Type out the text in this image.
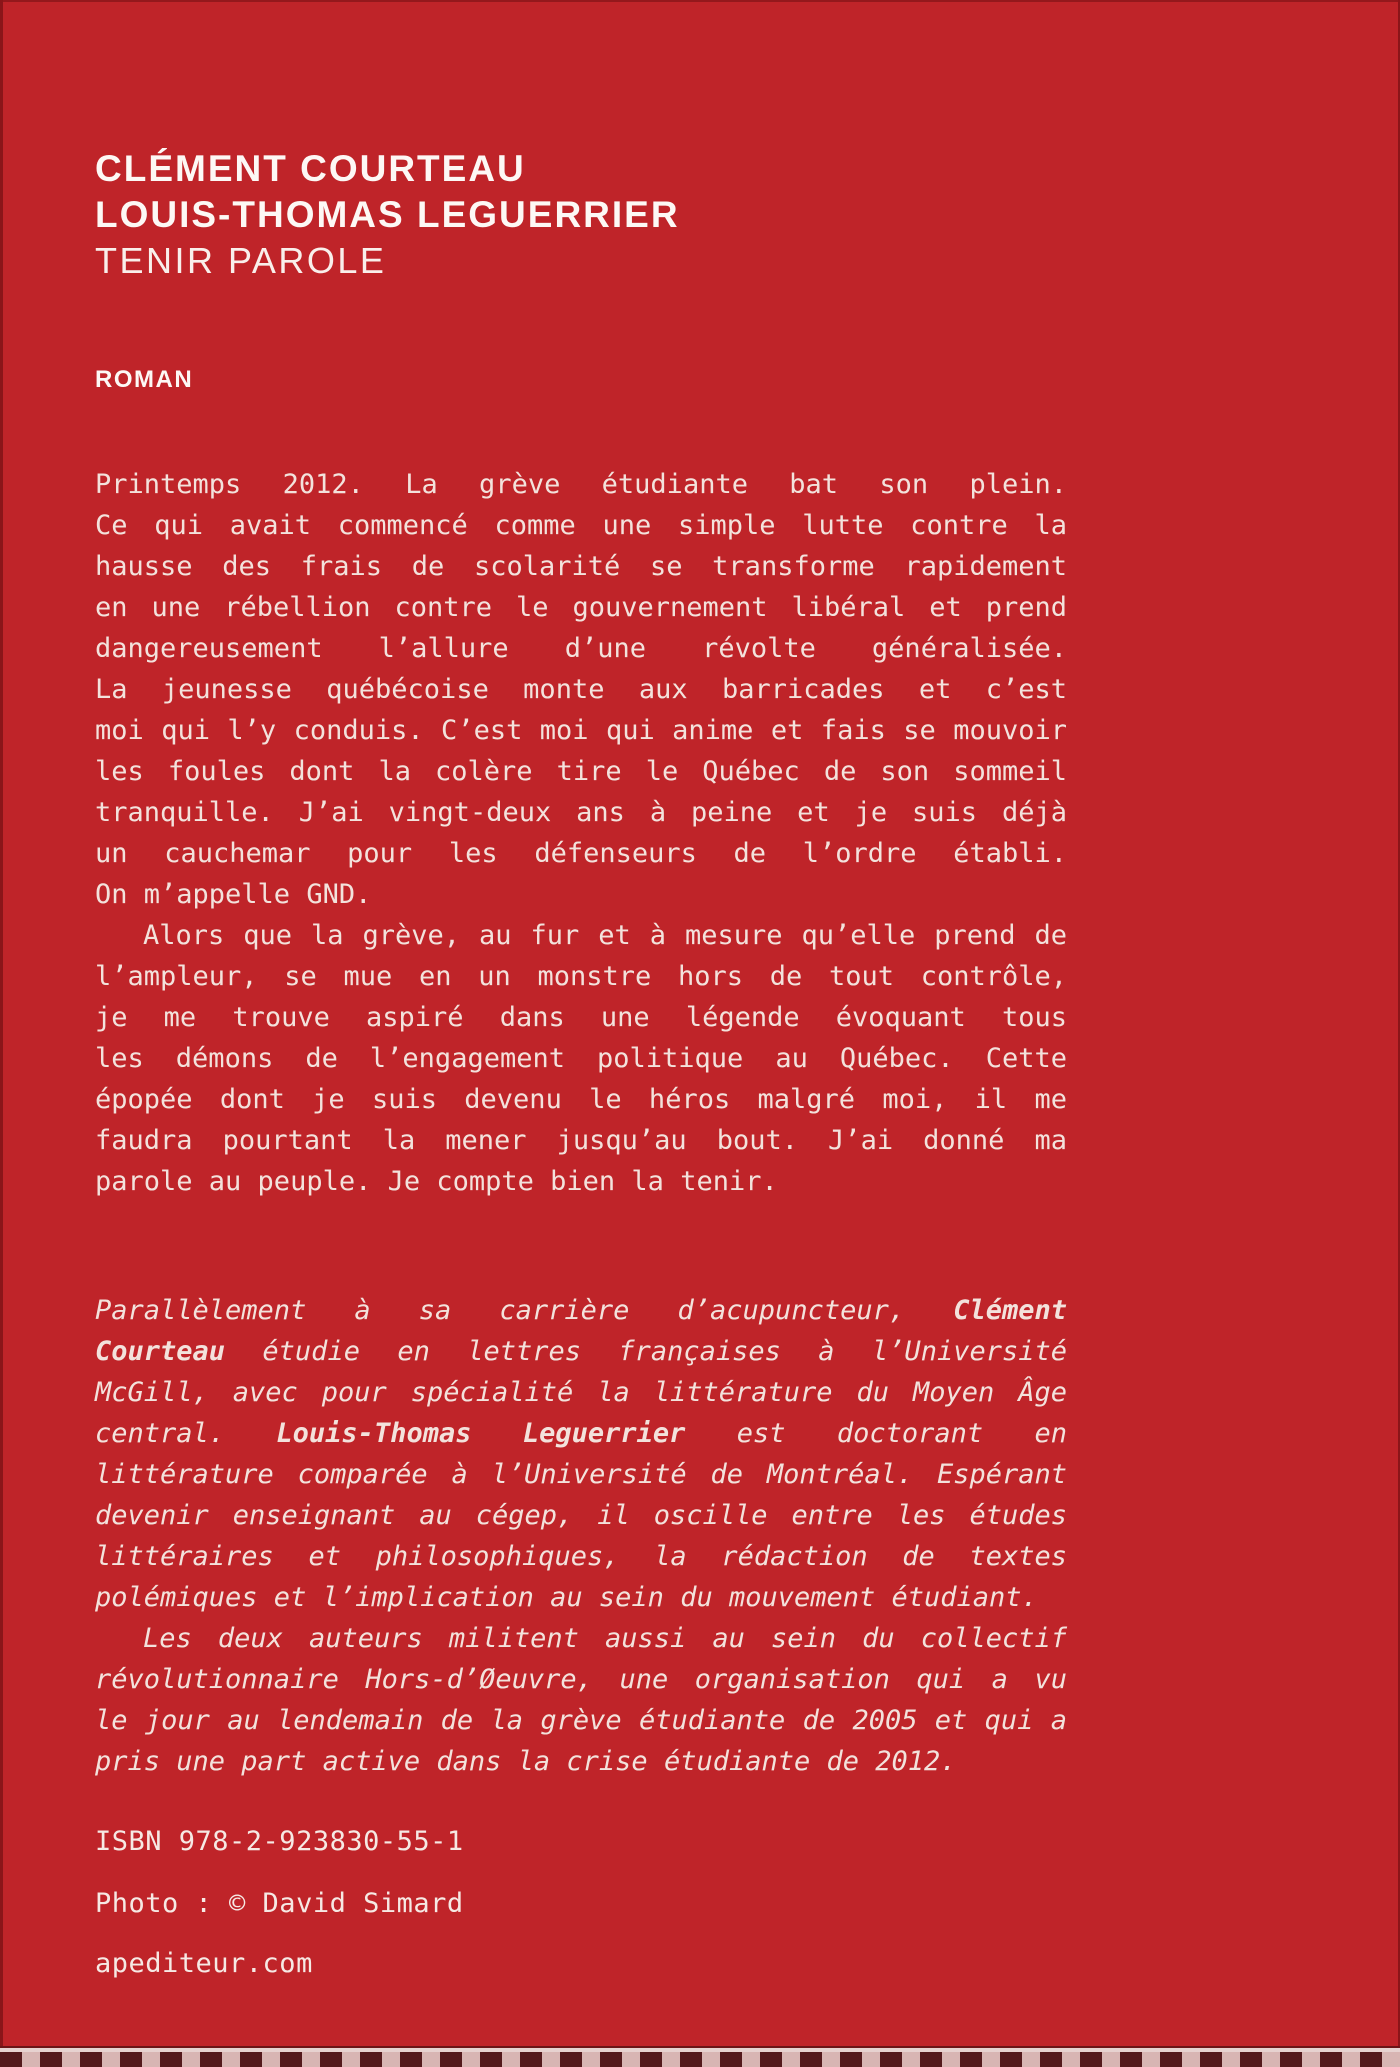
CLÉMENT COURTEAU
LOUIS-THOMAS LEGUERRIER
TENIR PAROLE
ROMAN
Printemps 2012. La grève étudiante bat son plein.
Ce qui avait commencé comme une simple lutte contre la
hausse des frais de scolarité se transforme rapidement
en une rébellion contre le gouvernement libéral et prend
dangereusement l’allure d’une révolte généralisée.
La jeunesse québécoise monte aux barricades et c’est
moi qui l’y conduis. C’est moi qui anime et fais se mouvoir
les foules dont la colère tire le Québec de son sommeil
tranquille. J’ai vingt-deux ans à peine et je suis déjà
un cauchemar pour les défenseurs de l’ordre établi.
On m’appelle GND.
Alors que la grève, au fur et à mesure qu’elle prend de
l’ampleur, se mue en un monstre hors de tout contrôle,
je me trouve aspiré dans une légende évoquant tous
les démons de l’engagement politique au Québec. Cette
épopée dont je suis devenu le héros malgré moi, il me
faudra pourtant la mener jusqu’au bout. J’ai donné ma
parole au peuple. Je compte bien la tenir.
Parallèlement à sa carrière d’acupuncteur, Clément
Courteau étudie en lettres françaises à l’Université
McGill, avec pour spécialité la littérature du Moyen Âge
central. Louis-Thomas Leguerrier est doctorant en
littérature comparée à l’Université de Montréal. Espérant
devenir enseignant au cégep, il oscille entre les études
littéraires et philosophiques, la rédaction de textes
polémiques et l’implication au sein du mouvement étudiant.
Les deux auteurs militent aussi au sein du collectif
révolutionnaire Hors-d’Øeuvre, une organisation qui a vu
le jour au lendemain de la grève étudiante de 2005 et qui a
pris une part active dans la crise étudiante de 2012.
ISBN 978-2-923830-55-1
Photo : © David Simard
apediteur.com
